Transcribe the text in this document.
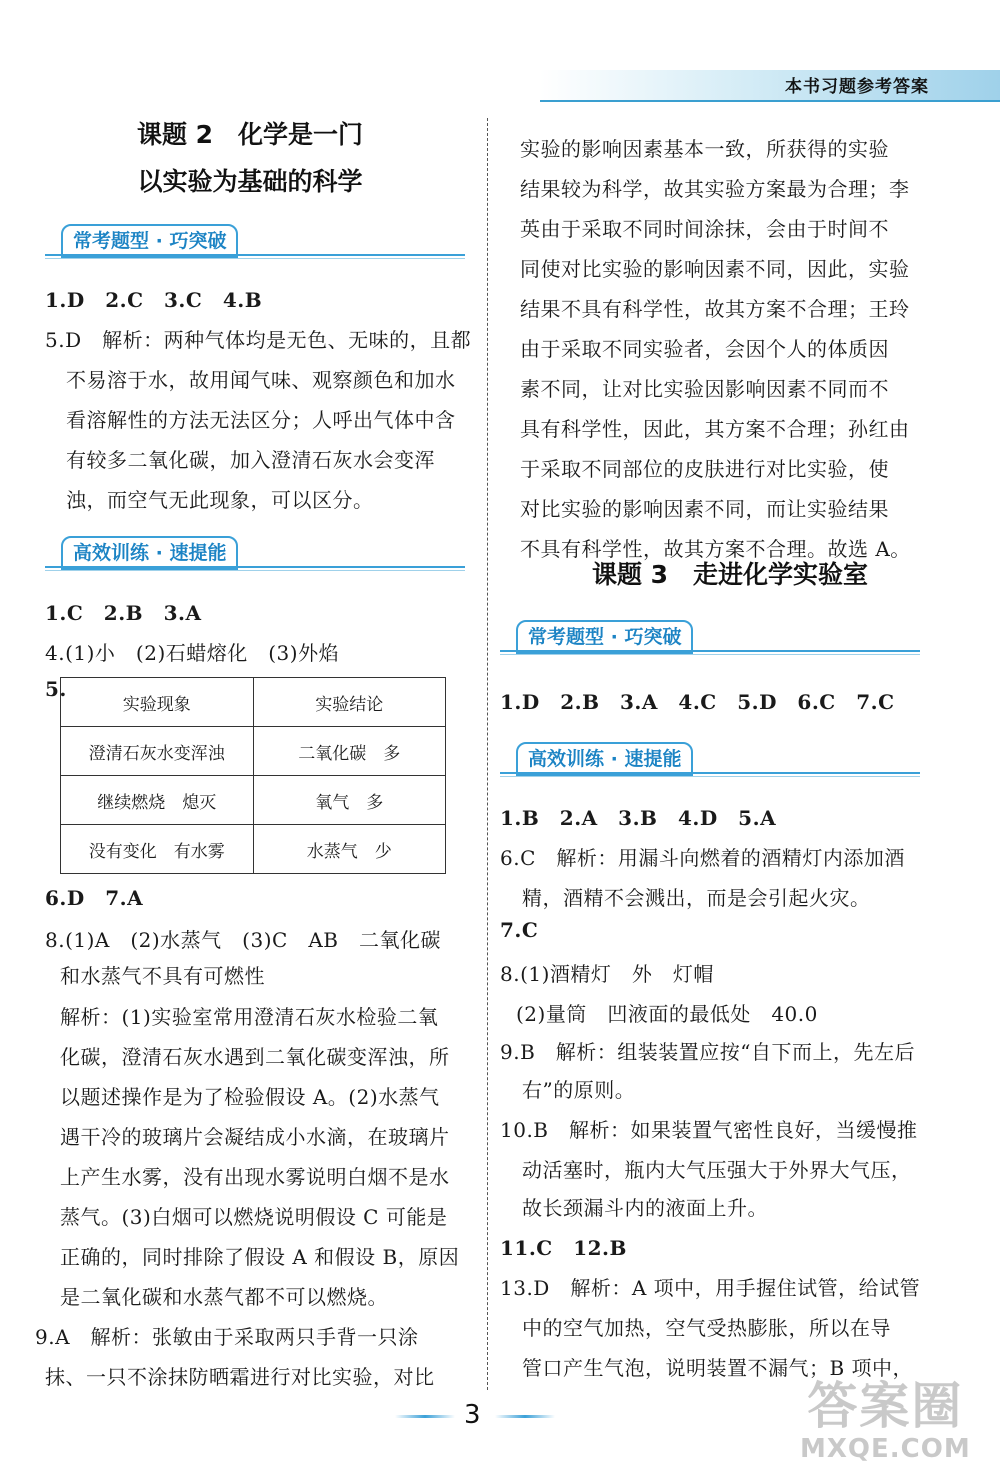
本书习题参考答案
课题 2　化学是一门
以实验为基础的科学
常考题型 · 巧突破
1.D　2.C　3.C　4.B
5.D　解析：两种气体均是无色、无味的，且都
不易溶于水，故用闻气味、观察颜色和加水
看溶解性的方法无法区分；人呼出气体中含
有较多二氧化碳，加入澄清石灰水会变浑
浊，而空气无此现象，可以区分。
高效训练 · 速提能
1.C　2.B　3.A
4.(1)小　(2)石蜡熔化　(3)外焰
5.
实验现象	实验结论
澄清石灰水变浑浊	二氧化碳　多
继续燃烧　熄灭	氧气　多
没有变化　有水雾	水蒸气　少
6.D　7.A
8.(1)A　(2)水蒸气　(3)C　AB　二氧化碳
和水蒸气不具有可燃性
解析：(1)实验室常用澄清石灰水检验二氧
化碳，澄清石灰水遇到二氧化碳变浑浊，所
以题述操作是为了检验假设 A。(2)水蒸气
遇干冷的玻璃片会凝结成小水滴，在玻璃片
上产生水雾，没有出现水雾说明白烟不是水
蒸气。(3)白烟可以燃烧说明假设 C 可能是
正确的，同时排除了假设 A 和假设 B，原因
是二氧化碳和水蒸气都不可以燃烧。
9.A　解析：张敏由于采取两只手背一只涂
抹、一只不涂抹防晒霜进行对比实验，对比
实验的影响因素基本一致，所获得的实验
结果较为科学，故其实验方案最为合理；李
英由于采取不同时间涂抹，会由于时间不
同使对比实验的影响因素不同，因此，实验
结果不具有科学性，故其方案不合理；王玲
由于采取不同实验者，会因个人的体质因
素不同，让对比实验因影响因素不同而不
具有科学性，因此，其方案不合理；孙红由
于采取不同部位的皮肤进行对比实验，使
对比实验的影响因素不同，而让实验结果
不具有科学性，故其方案不合理。故选 A。
课题 3　走进化学实验室
常考题型 · 巧突破
1.D　2.B　3.A　4.C　5.D　6.C　7.C
高效训练 · 速提能
1.B　2.A　3.B　4.D　5.A
6.C　解析：用漏斗向燃着的酒精灯内添加酒
精，酒精不会溅出，而是会引起火灾。
7.C
8.(1)酒精灯　外　灯帽
(2)量筒　凹液面的最低处　40.0
9.B　解析：组装装置应按“自下而上，先左后
右”的原则。
10.B　解析：如果装置气密性良好，当缓慢推
动活塞时，瓶内大气压强大于外界大气压，
故长颈漏斗内的液面上升。
11.C　12.B
13.D　解析：A 项中，用手握住试管，给试管
中的空气加热，空气受热膨胀，所以在导
管口产生气泡，说明装置不漏气；B 项中，
3	答案圈
MXQE.COM
